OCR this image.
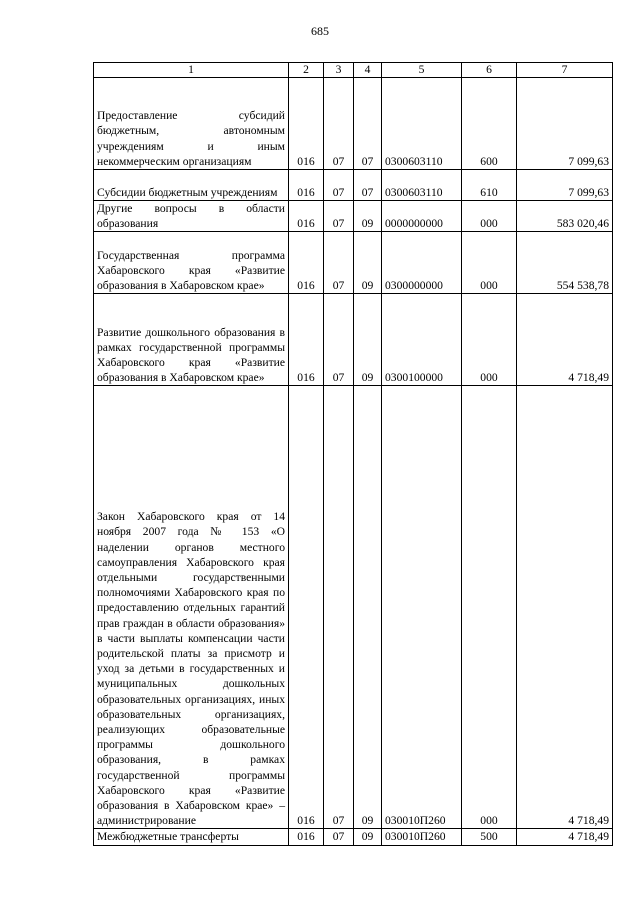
685
1	2	3	4	5	6	7
Предоставление субсидий бюджетным, автономным учреждениям и иным некоммерческим организациям	016	07	07	0300603110	600	7 099,63
Субсидии бюджетным учреждениям	016	07	07	0300603110	610	7 099,63
Другие вопросы в области образования	016	07	09	0000000000	000	583 020,46
Государственная программа Хабаровского края «Развитие образования в Хабаровском крае»	016	07	09	0300000000	000	554 538,78
Развитие дошкольного образования в рамках государственной программы Хабаровского края «Развитие образования в Хабаровском крае»	016	07	09	0300100000	000	4 718,49
Закон Хабаровского края от 14 ноября 2007 года № 153 «О наделении органов местного самоуправления Хабаровского края отдельными государственными полномочиями Хабаровского края по предоставлению отдельных гарантий прав граждан в области образования» в части выплаты компенсации части родительской платы за присмотр и уход за детьми в государственных и муниципальных дошкольных образовательных организациях, иных образовательных организациях, реализующих образовательные программы дошкольного образования, в рамках государственной программы Хабаровского края «Развитие образования в Хабаровском крае» – администрирование	016	07	09	030010П260	000	4 718,49
Межбюджетные трансферты	016	07	09	030010П260	500	4 718,49
